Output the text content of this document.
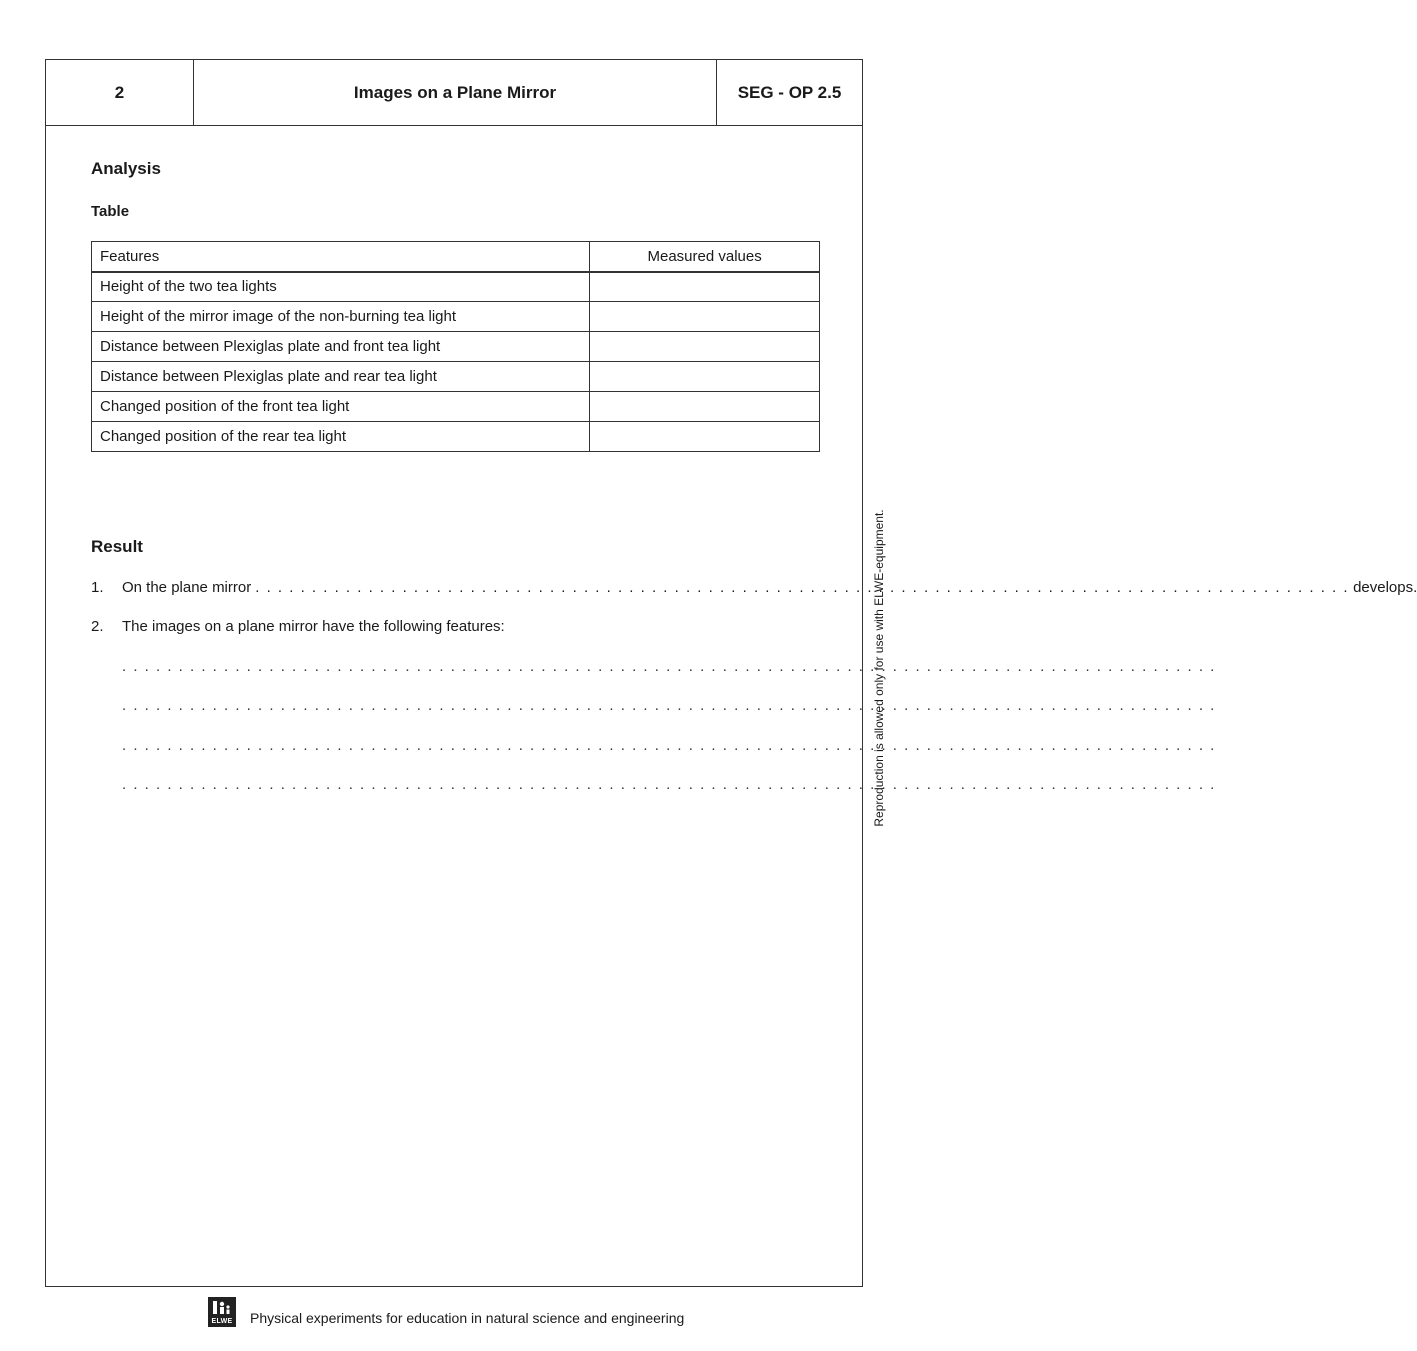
2	Images on a Plane Mirror	SEG - OP 2.5
Analysis
Table
Features	Measured values
Height of the two tea lights	
Height of the mirror image of the non-burning tea light	
Distance between Plexiglas plate and front tea light	
Distance between Plexiglas plate and rear tea light	
Changed position of the front tea light	
Changed position of the rear tea light	
Result
1. On the plane mirror . . . . . . . . . . . . . . . . . . . . . . . . . . . . . . . . . . . . . . . . . . . . . . . . . . . . . . . . . . . . . . . . . . . . . . . . . . . . . . . . . . . . . . . . . . . . . . . . . develops.
2. The images on a plane mirror have the following features:
. . . . . . . . . . . . . . . . . . . . . . . . . . . . . . . . . . . . . . . . . . . . . . . . . . . . . . . . . . . . . . . . . . . . . . . . . . . . . . . . . . . . . . . . . . . . . . . . .
. . . . . . . . . . . . . . . . . . . . . . . . . . . . . . . . . . . . . . . . . . . . . . . . . . . . . . . . . . . . . . . . . . . . . . . . . . . . . . . . . . . . . . . . . . . . . . . . .
. . . . . . . . . . . . . . . . . . . . . . . . . . . . . . . . . . . . . . . . . . . . . . . . . . . . . . . . . . . . . . . . . . . . . . . . . . . . . . . . . . . . . . . . . . . . . . . . .
. . . . . . . . . . . . . . . . . . . . . . . . . . . . . . . . . . . . . . . . . . . . . . . . . . . . . . . . . . . . . . . . . . . . . . . . . . . . . . . . . . . . . . . . . . . . . . . . .
Reproduction is allowed only for use with ELWE-equipment.
ELWE Physical experiments for education in natural science and engineering
